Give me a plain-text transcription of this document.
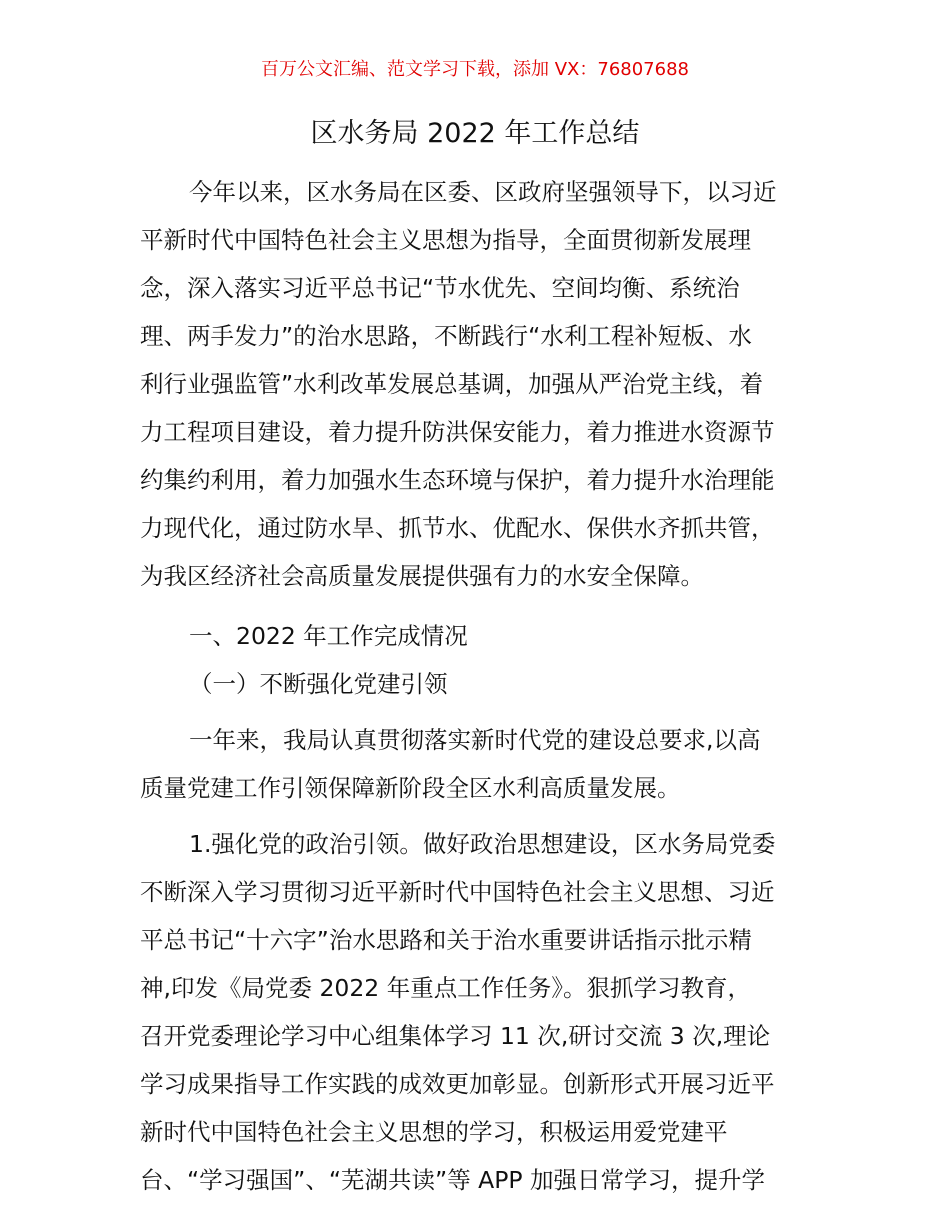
百万公文汇编、范文学习下载，添加 VX：76807688
区水务局 2022 年工作总结
今年以来，区水务局在区委、区政府坚强领导下，以习近
平新时代中国特色社会主义思想为指导，全面贯彻新发展理
念，深入落实习近平总书记“节水优先、空间均衡、系统治
理、两手发力”的治水思路，不断践行“水利工程补短板、水
利行业强监管”水利改革发展总基调，加强从严治党主线，着
力工程项目建设，着力提升防洪保安能力，着力推进水资源节
约集约利用，着力加强水生态环境与保护，着力提升水治理能
力现代化，通过防水旱、抓节水、优配水、保供水齐抓共管，
为我区经济社会高质量发展提供强有力的水安全保障。
一、2022 年工作完成情况
（一）不断强化党建引领
一年来，我局认真贯彻落实新时代党的建设总要求,以高
质量党建工作引领保障新阶段全区水利高质量发展。
1.强化党的政治引领。做好政治思想建设，区水务局党委
不断深入学习贯彻习近平新时代中国特色社会主义思想、习近
平总书记“十六字”治水思路和关于治水重要讲话指示批示精
神,印发《局党委 2022 年重点工作任务》。狠抓学习教育，
召开党委理论学习中心组集体学习 11 次,研讨交流 3 次,理论
学习成果指导工作实践的成效更加彰显。创新形式开展习近平
新时代中国特色社会主义思想的学习，积极运用爱党建平
台、“学习强国”、“芜湖共读”等 APP 加强日常学习，提升学
